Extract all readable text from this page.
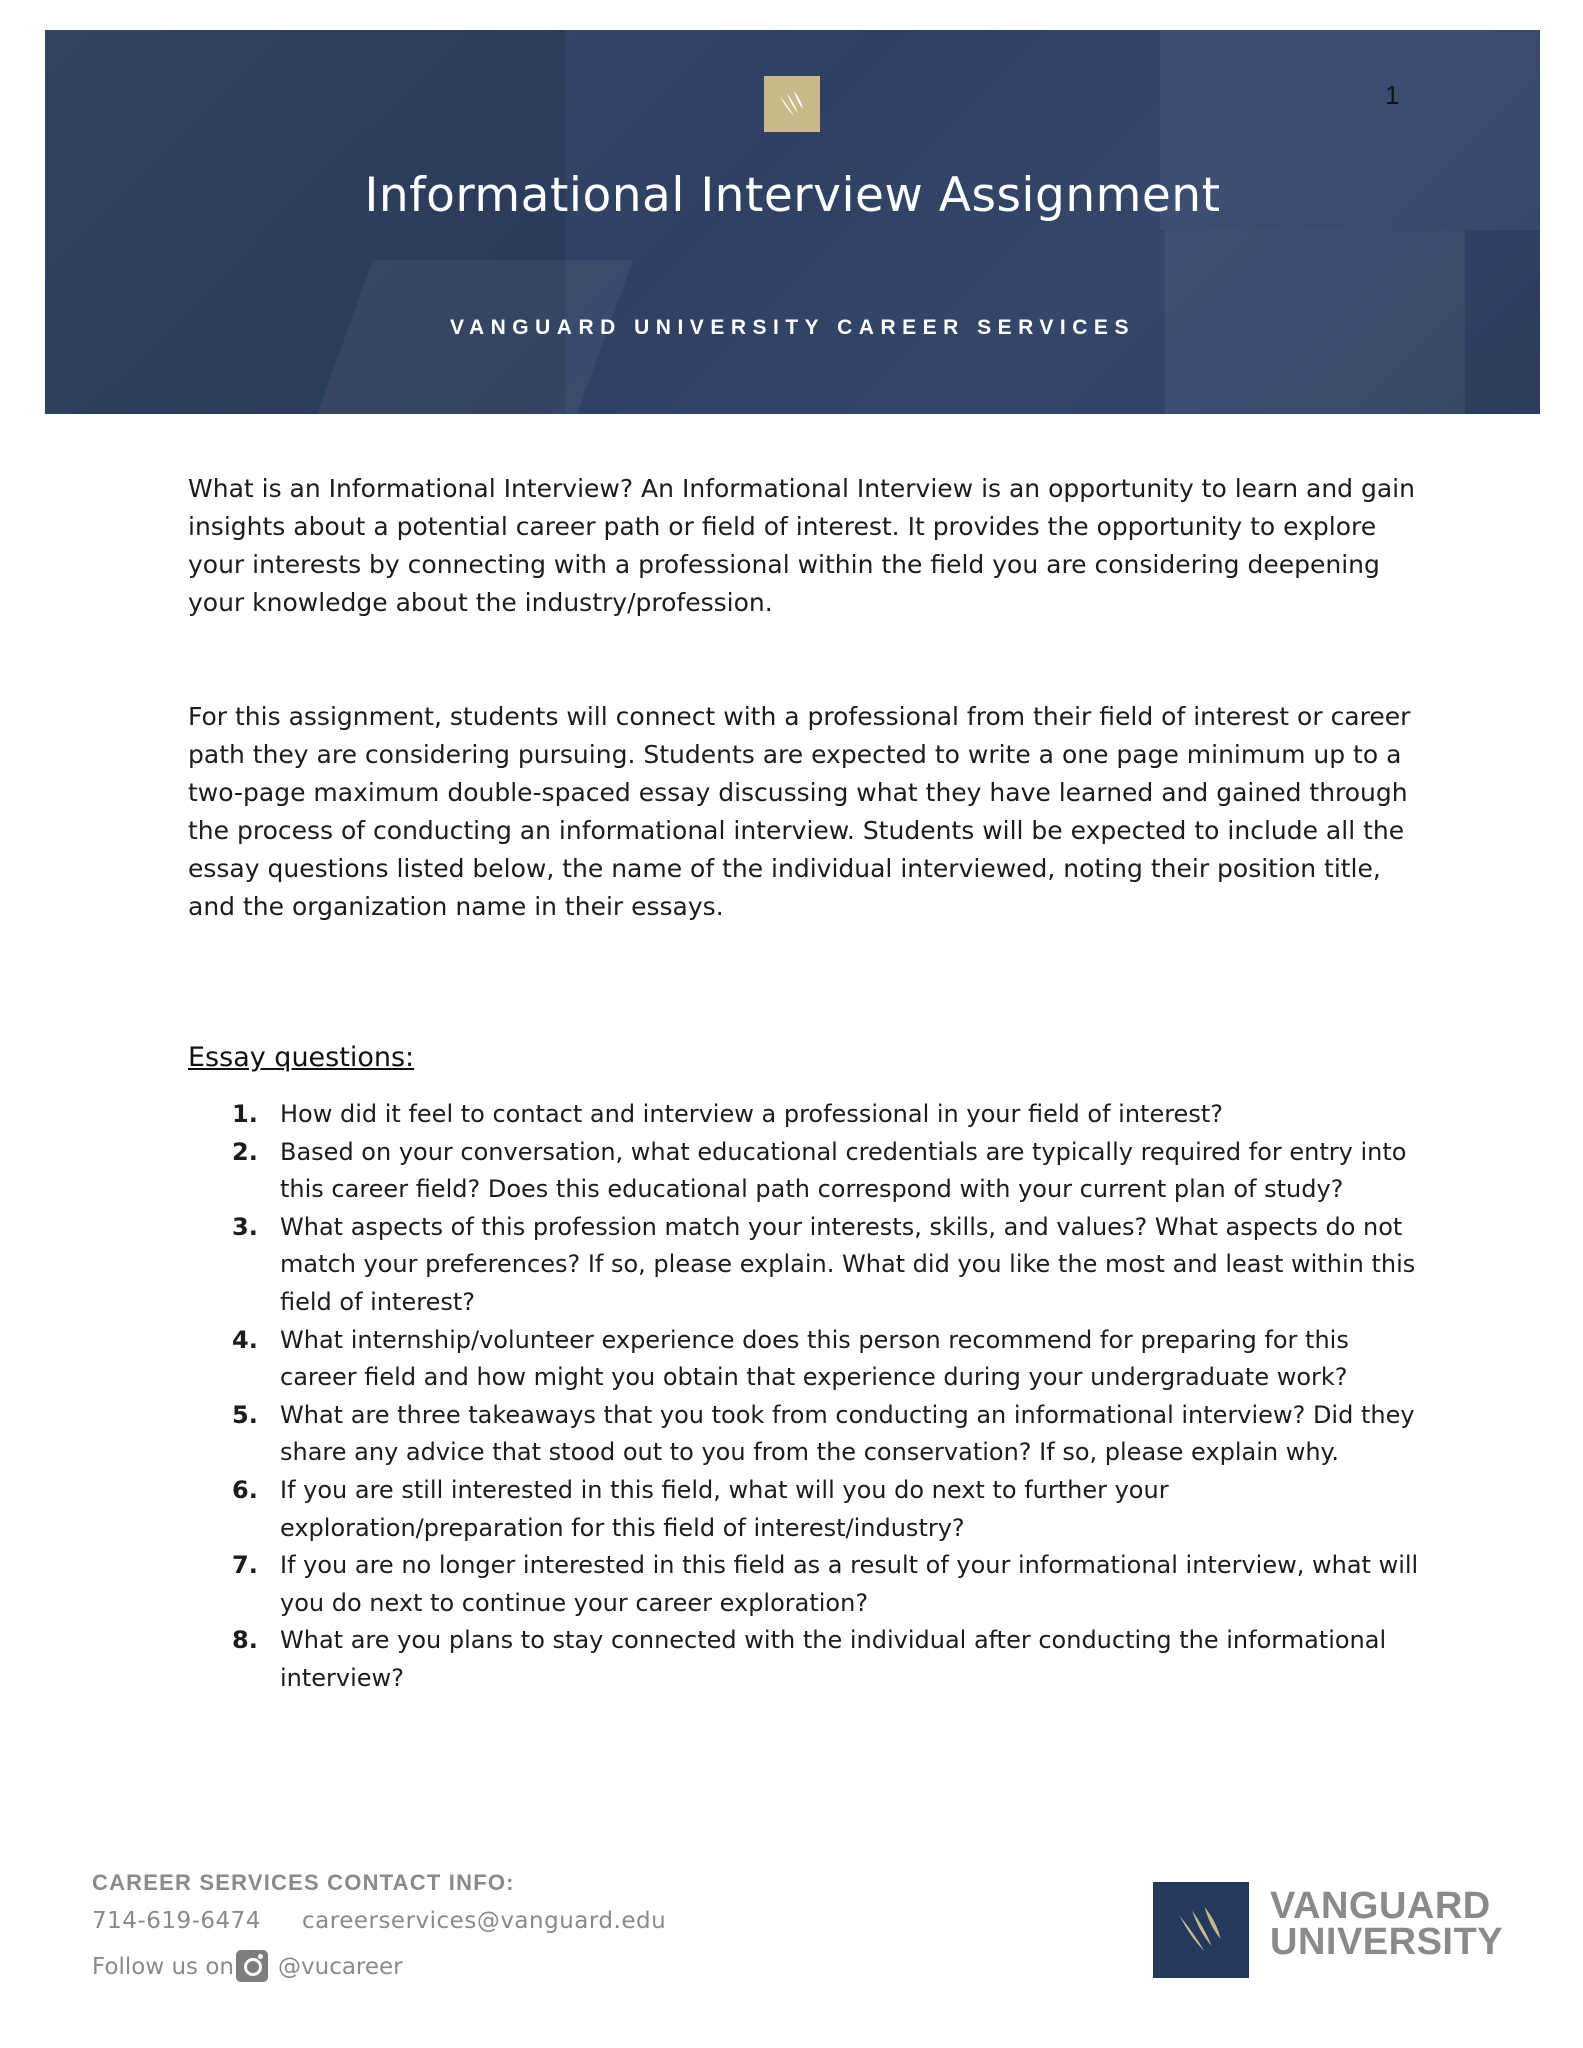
Informational Interview Assignment
VANGUARD UNIVERSITY CAREER SERVICES
1
What is an Informational Interview? An Informational Interview is an opportunity to learn and gain insights about a potential career path or field of interest. It provides the opportunity to explore your interests by connecting with a professional within the field you are considering deepening your knowledge about the industry/profession.
For this assignment, students will connect with a professional from their field of interest or career path they are considering pursuing. Students are expected to write a one page minimum up to a two-page maximum double-spaced essay discussing what they have learned and gained through the process of conducting an informational interview. Students will be expected to include all the essay questions listed below, the name of the individual interviewed, noting their position title, and the organization name in their essays.
Essay questions:
1. How did it feel to contact and interview a professional in your field of interest?
2. Based on your conversation, what educational credentials are typically required for entry into this career field? Does this educational path correspond with your current plan of study?
3. What aspects of this profession match your interests, skills, and values? What aspects do not match your preferences? If so, please explain. What did you like the most and least within this field of interest?
4. What internship/volunteer experience does this person recommend for preparing for this career field and how might you obtain that experience during your undergraduate work?
5. What are three takeaways that you took from conducting an informational interview? Did they share any advice that stood out to you from the conservation? If so, please explain why.
6. If you are still interested in this field, what will you do next to further your exploration/preparation for this field of interest/industry?
7. If you are no longer interested in this field as a result of your informational interview, what will you do next to continue your career exploration?
8. What are you plans to stay connected with the individual after conducting the informational interview?
CAREER SERVICES CONTACT INFO:
714-619-6474 careerservices@vanguard.edu
Follow us on @vucareer
VANGUARD
UNIVERSITY
